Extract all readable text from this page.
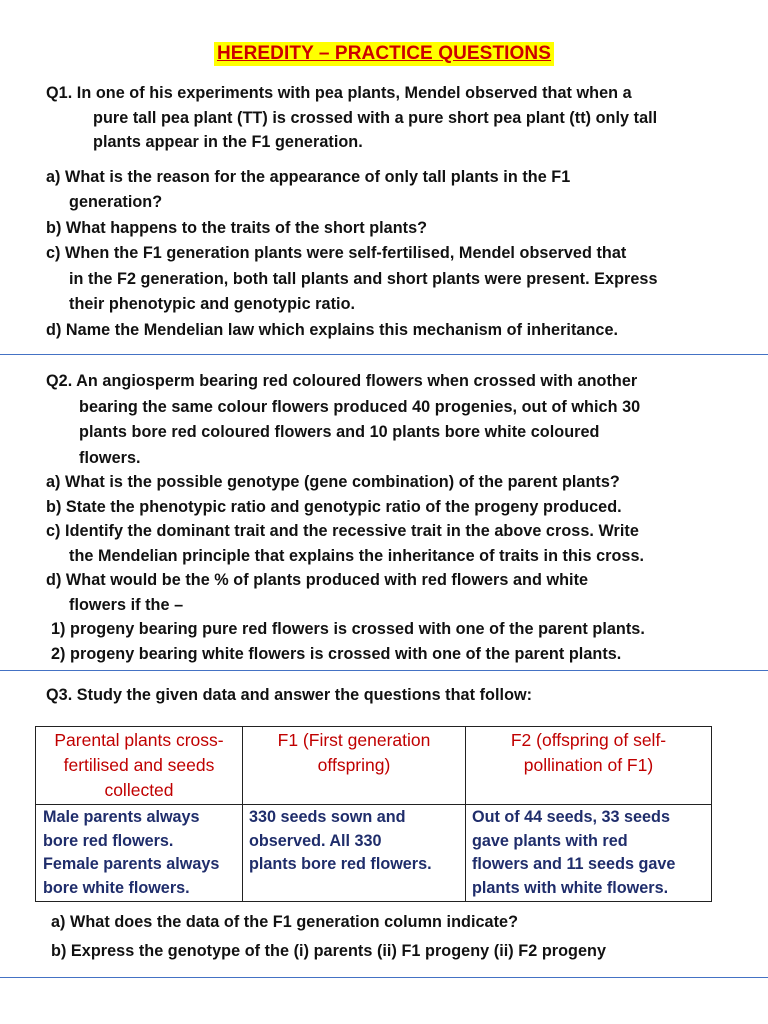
HEREDITY – PRACTICE QUESTIONS
Q1. In one of his experiments with pea plants, Mendel observed that when a
pure tall pea plant (TT) is crossed with a pure short pea plant (tt) only tall
plants appear in the F1 generation.
a) What is the reason for the appearance of only tall plants in the F1
generation?
b) What happens to the traits of the short plants?
c) When the F1 generation plants were self-fertilised, Mendel observed that
in the F2 generation, both tall plants and short plants were present. Express
their phenotypic and genotypic ratio.
d) Name the Mendelian law which explains this mechanism of inheritance.
Q2. An angiosperm bearing red coloured flowers when crossed with another
bearing the same colour flowers produced 40 progenies, out of which 30
plants bore red coloured flowers and 10 plants bore white coloured
flowers.
a) What is the possible genotype (gene combination) of the parent plants?
b) State the phenotypic ratio and genotypic ratio of the progeny produced.
c) Identify the dominant trait and the recessive trait in the above cross. Write
the Mendelian principle that explains the inheritance of traits in this cross.
d) What would be the % of plants produced with red flowers and white
flowers if the –
1) progeny bearing pure red flowers is crossed with one of the parent plants.
2) progeny bearing white flowers is crossed with one of the parent plants.
Q3. Study the given data and answer the questions that follow:
Parental plants cross-
fertilised and seeds
collected	F1 (First generation
offspring)	F2 (offspring of self-
pollination of F1)

Male parents always
bore red flowers.
Female parents always
bore white flowers.	330 seeds sown and
observed. All 330
plants bore red flowers.	Out of 44 seeds, 33 seeds
gave plants with red
flowers and 11 seeds gave
plants with white flowers.
a) What does the data of the F1 generation column indicate?
b) Express the genotype of the (i) parents (ii) F1 progeny (ii) F2 progeny
